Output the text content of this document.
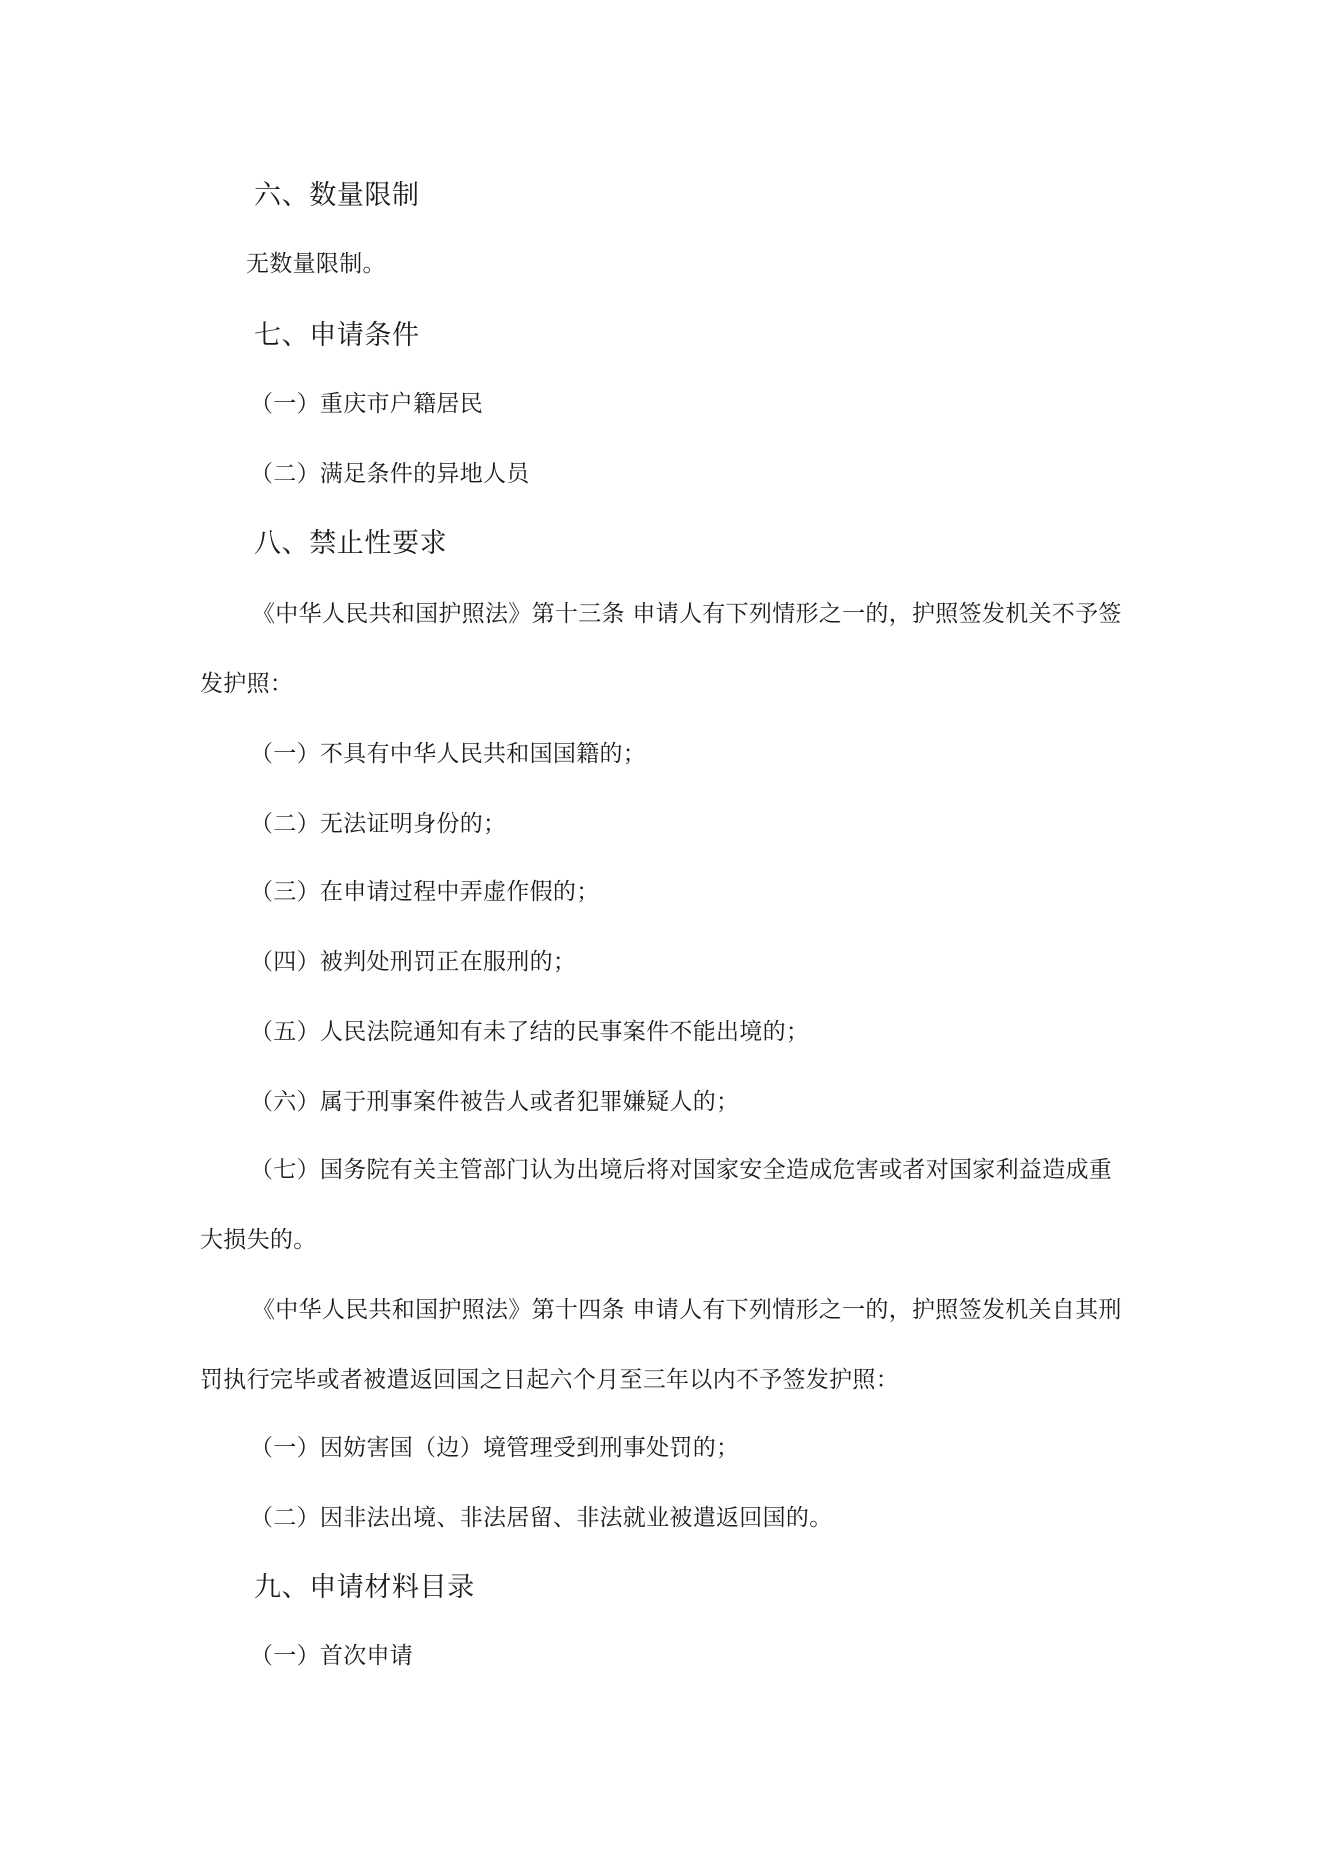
六、数量限制
无数量限制。
七、申请条件
（一）重庆市户籍居民
（二）满足条件的异地人员
八、禁止性要求
《中华人民共和国护照法》第十三条 申请人有下列情形之一的，护照签发机关不予签
发护照：
（一）不具有中华人民共和国国籍的；
（二）无法证明身份的；
（三）在申请过程中弄虚作假的；
（四）被判处刑罚正在服刑的；
（五）人民法院通知有未了结的民事案件不能出境的；
（六）属于刑事案件被告人或者犯罪嫌疑人的；
（七）国务院有关主管部门认为出境后将对国家安全造成危害或者对国家利益造成重
大损失的。
《中华人民共和国护照法》第十四条 申请人有下列情形之一的，护照签发机关自其刑
罚执行完毕或者被遣返回国之日起六个月至三年以内不予签发护照：
（一）因妨害国（边）境管理受到刑事处罚的；
（二）因非法出境、非法居留、非法就业被遣返回国的。
九、申请材料目录
（一）首次申请
